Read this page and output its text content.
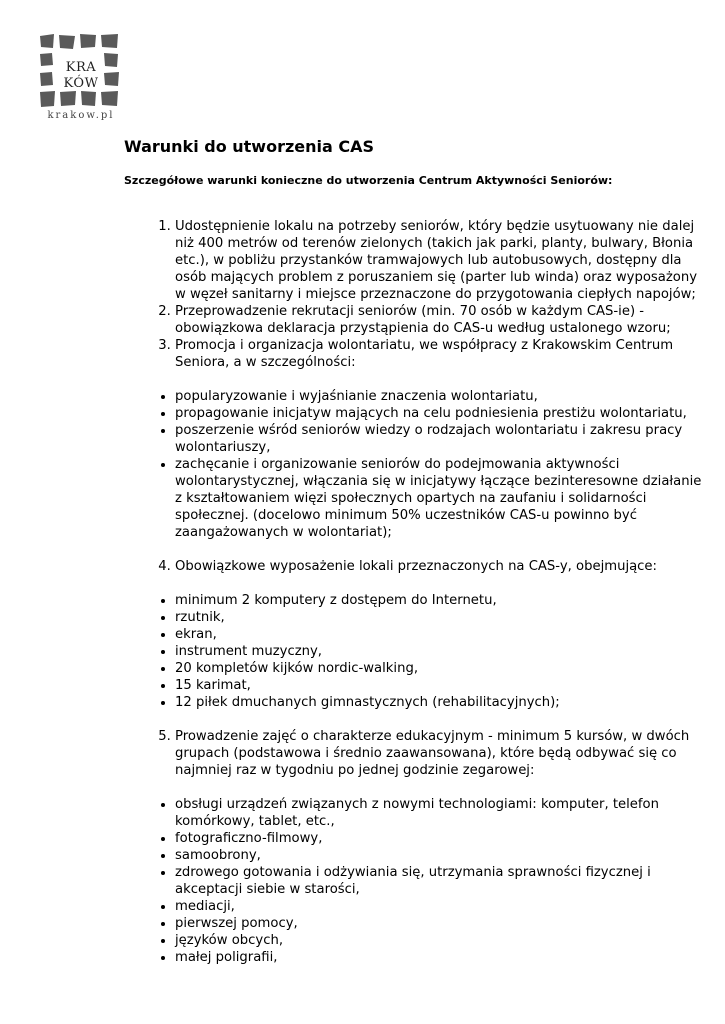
KRA
KÓW
krakow.pl
Warunki do utworzenia CAS
Szczegółowe warunki konieczne do utworzenia Centrum Aktywności Seniorów:
1. Udostępnienie lokalu na potrzeby seniorów, który będzie usytuowany nie dalej niż 400 metrów od terenów zielonych (takich jak parki, planty, bulwary, Błonia etc.), w pobliżu przystanków tramwajowych lub autobusowych, dostępny dla osób mających problem z poruszaniem się (parter lub winda) oraz wyposażony w węzeł sanitarny i miejsce przeznaczone do przygotowania ciepłych napojów;
2. Przeprowadzenie rekrutacji seniorów (min. 70 osób w każdym CAS-ie) - obowiązkowa deklaracja przystąpienia do CAS-u według ustalonego wzoru;
3. Promocja i organizacja wolontariatu, we współpracy z Krakowskim Centrum Seniora, a w szczególności:
• popularyzowanie i wyjaśnianie znaczenia wolontariatu,
• propagowanie inicjatyw mających na celu podniesienia prestiżu wolontariatu,
• poszerzenie wśród seniorów wiedzy o rodzajach wolontariatu i zakresu pracy wolontariuszy,
• zachęcanie i organizowanie seniorów do podejmowania aktywności wolontarystycznej, włączania się w inicjatywy łączące bezinteresowne działanie z kształtowaniem więzi społecznych opartych na zaufaniu i solidarności społecznej. (docelowo minimum 50% uczestników CAS-u powinno być zaangażowanych w wolontariat);
4. Obowiązkowe wyposażenie lokali przeznaczonych na CAS-y, obejmujące:
• minimum 2 komputery z dostępem do Internetu,
• rzutnik,
• ekran,
• instrument muzyczny,
• 20 kompletów kijków nordic-walking,
• 15 karimat,
• 12 piłek dmuchanych gimnastycznych (rehabilitacyjnych);
5. Prowadzenie zajęć o charakterze edukacyjnym - minimum 5 kursów, w dwóch grupach (podstawowa i średnio zaawansowana), które będą odbywać się co najmniej raz w tygodniu po jednej godzinie zegarowej:
• obsługi urządzeń związanych z nowymi technologiami: komputer, telefon komórkowy, tablet, etc.,
• fotograficzno-filmowy,
• samoobrony,
• zdrowego gotowania i odżywiania się, utrzymania sprawności fizycznej i akceptacji siebie w starości,
• mediacji,
• pierwszej pomocy,
• języków obcych,
• małej poligrafii,
